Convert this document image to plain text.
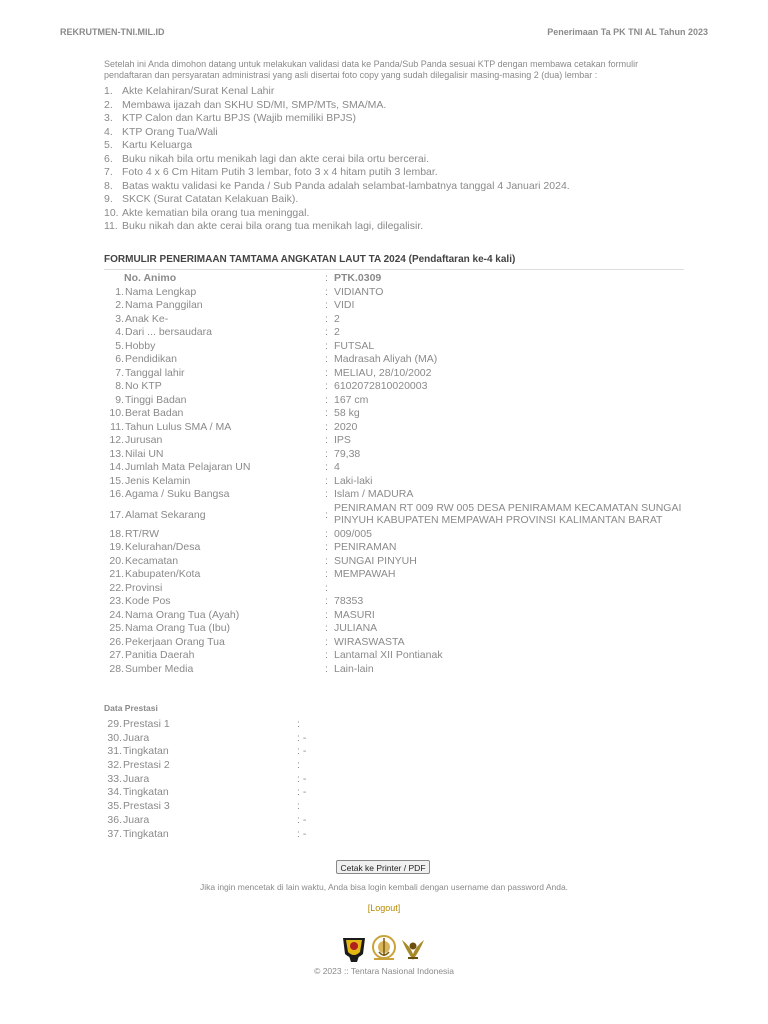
REKRUTMEN-TNI.MIL.ID	Penerimaan Ta PK TNI AL Tahun 2023
Setelah ini Anda dimohon datang untuk melakukan validasi data ke Panda/Sub Panda sesuai KTP dengan membawa cetakan formulir pendaftaran dan persyaratan administrasi yang asli disertai foto copy yang sudah dilegalisir masing-masing 2 (dua) lembar :
1. Akte Kelahiran/Surat Kenal Lahir
2. Membawa ijazah dan SKHU SD/MI, SMP/MTs, SMA/MA.
3. KTP Calon dan Kartu BPJS (Wajib memiliki BPJS)
4. KTP Orang Tua/Wali
5. Kartu Keluarga
6. Buku nikah bila ortu menikah lagi dan akte cerai bila ortu bercerai.
7. Foto 4 x 6 Cm Hitam Putih 3 lembar, foto 3 x 4 hitam putih 3 lembar.
8. Batas waktu validasi ke Panda / Sub Panda adalah selambat-lambatnya tanggal 4 Januari 2024.
9. SKCK (Surat Catatan Kelakuan Baik).
10. Akte kematian bila orang tua meninggal.
11. Buku nikah dan akte cerai bila orang tua menikah lagi, dilegalisir.
FORMULIR PENERIMAAN TAMTAMA ANGKATAN LAUT TA 2024 (Pendaftaran ke-4 kali)
No. Animo	: PTK.0309
1. Nama Lengkap	: VIDIANTO
2. Nama Panggilan	: VIDI
3. Anak Ke-	: 2
4. Dari ... bersaudara	: 2
5. Hobby	: FUTSAL
6. Pendidikan	: Madrasah Aliyah (MA)
7. Tanggal lahir	: MELIAU, 28/10/2002
8. No KTP	: 6102072810020003
9. Tinggi Badan	: 167 cm
10. Berat Badan	: 58 kg
11. Tahun Lulus SMA / MA	: 2020
12. Jurusan	: IPS
13. Nilai UN	: 79,38
14. Jumlah Mata Pelajaran UN	: 4
15. Jenis Kelamin	: Laki-laki
16. Agama / Suku Bangsa	: Islam / MADURA
17. Alamat Sekarang	:
PENIRAMAN RT 009 RW 005 DESA PENIRAMAM KECAMATAN SUNGAI PINYUH KABUPATEN MEMPAWAH PROVINSI KALIMANTAN BARAT
18. RT/RW	: 009/005
19. Kelurahan/Desa	: PENIRAMAN
20. Kecamatan	: SUNGAI PINYUH
21. Kabupaten/Kota	: MEMPAWAH
22. Provinsi	:
23. Kode Pos	: 78353
24. Nama Orang Tua (Ayah)	: MASURI
25. Nama Orang Tua (Ibu)	: JULIANA
26. Pekerjaan Orang Tua	: WIRASWASTA
27. Panitia Daerah	: Lantamal XII Pontianak
28. Sumber Media	: Lain-lain
Data Prestasi
29. Prestasi 1	:
30. Juara	: -
31. Tingkatan	: -
32. Prestasi 2	:
33. Juara	: -
34. Tingkatan	: -
35. Prestasi 3	:
36. Juara	: -
37. Tingkatan	: -
Cetak ke Printer / PDF
Jika ingin mencetak di lain waktu, Anda bisa login kembali dengan username dan password Anda.
[Logout]
© 2023 :: Tentara Nasional Indonesia
